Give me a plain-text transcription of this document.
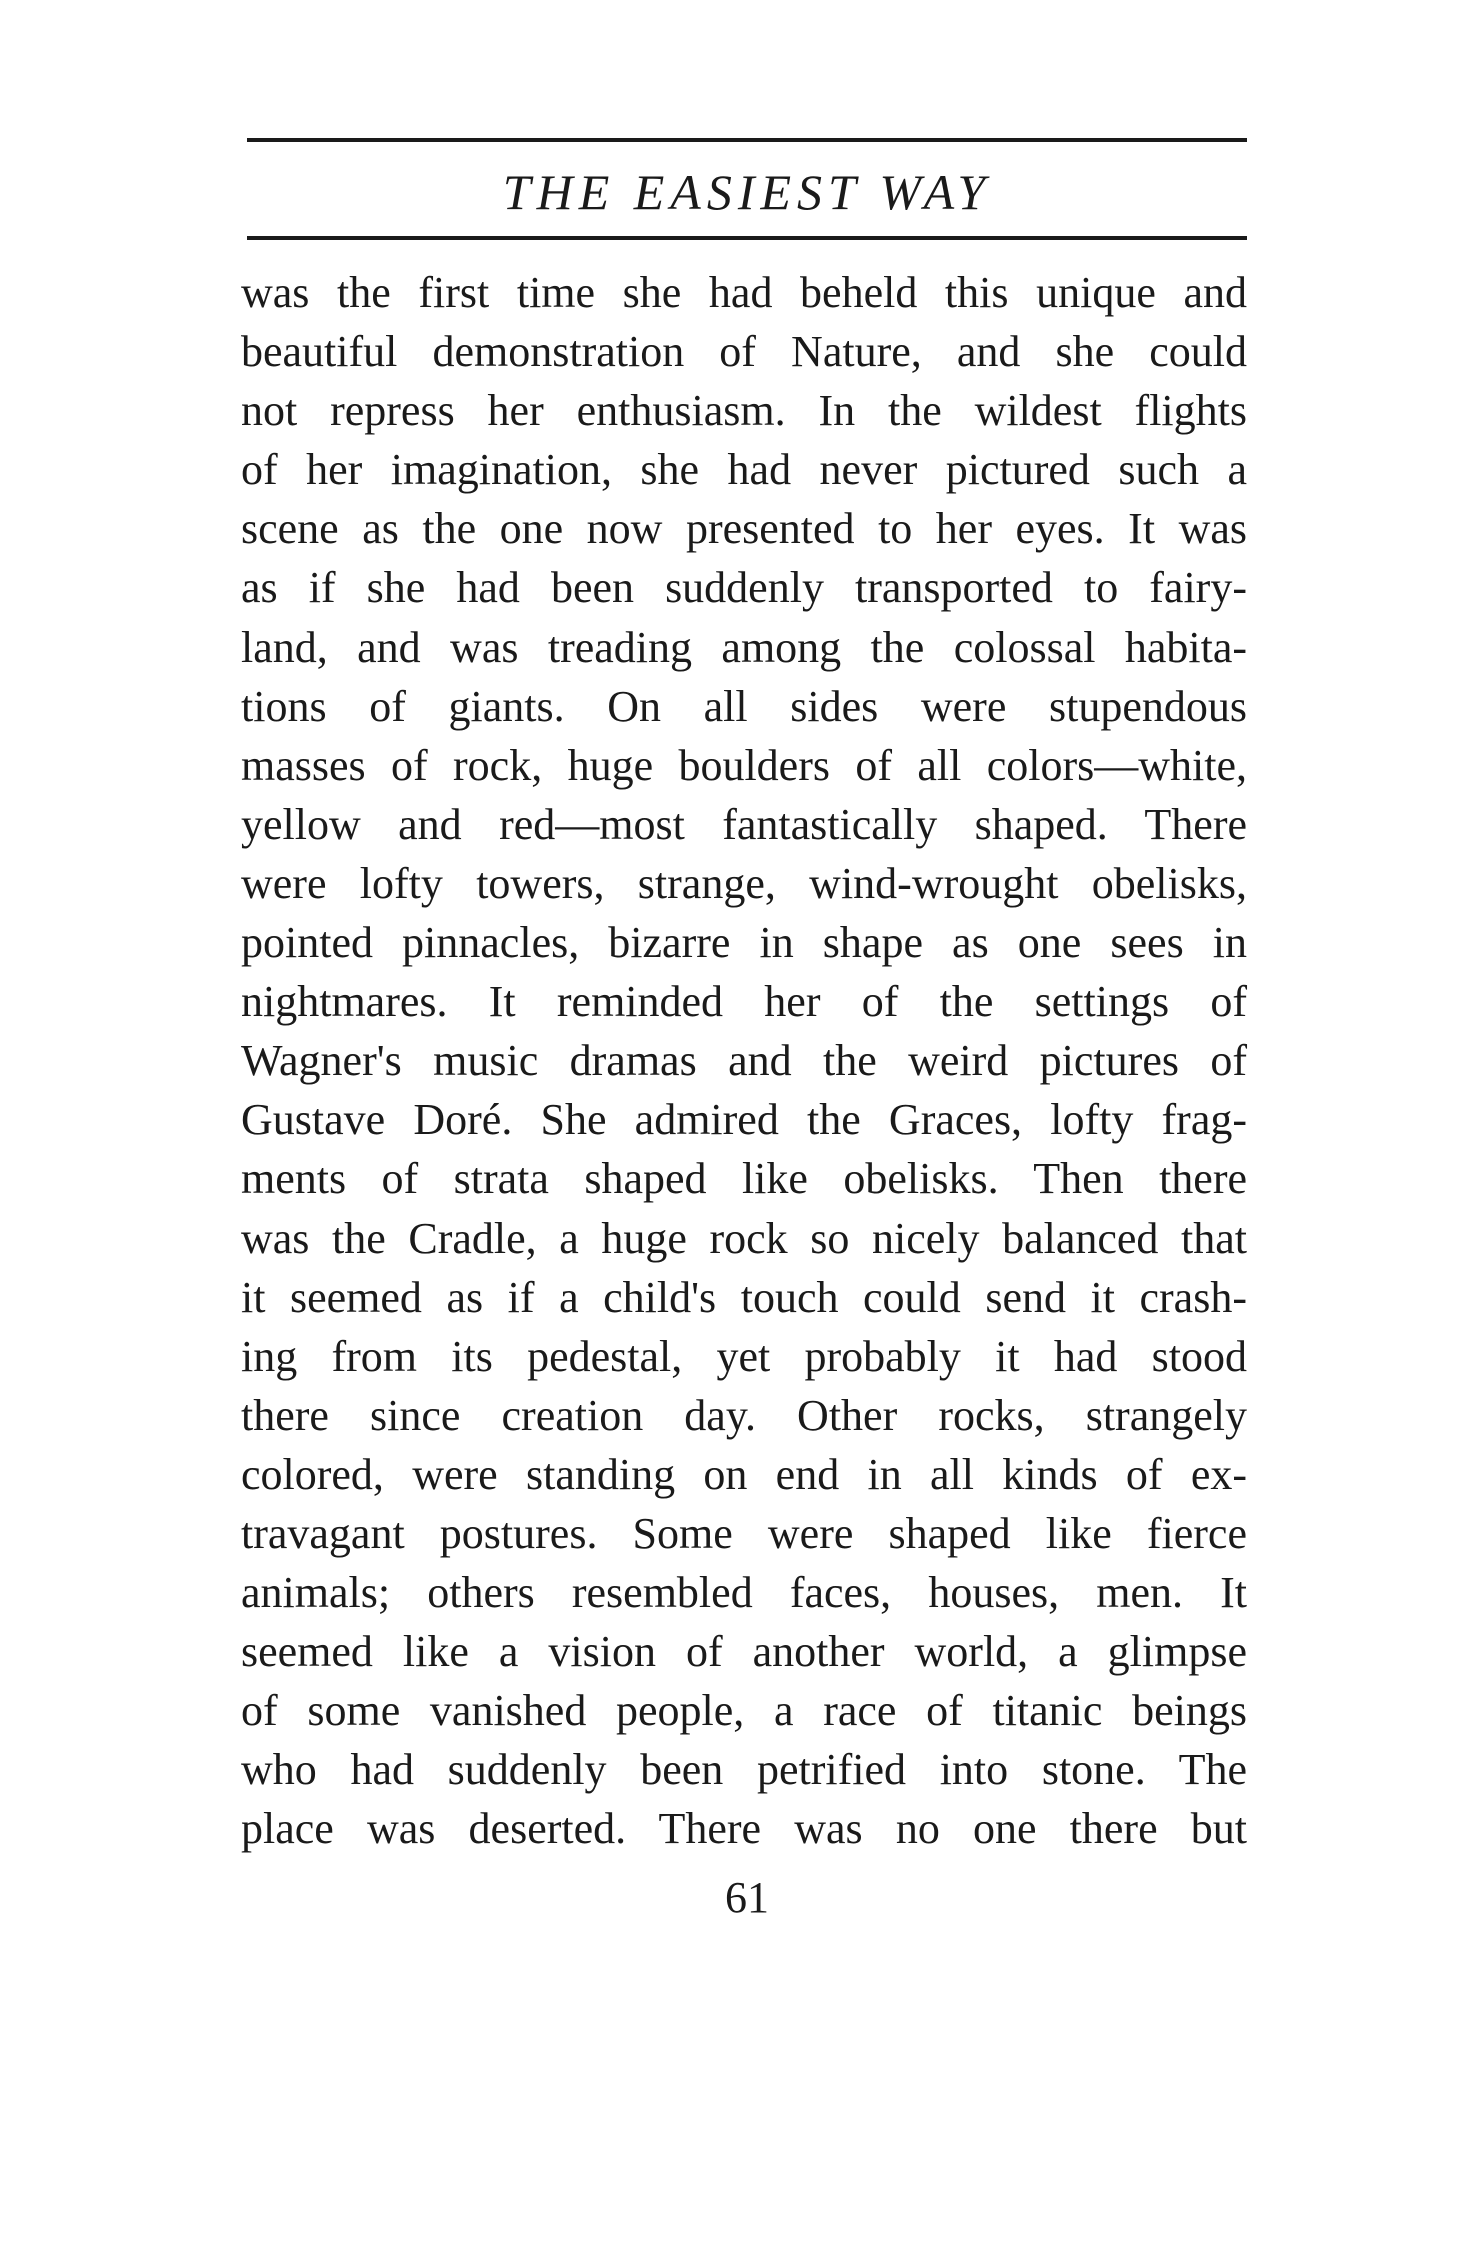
THE EASIEST WAY
was the first time she had beheld this unique and
beautiful demonstration of Nature, and she could
not repress her enthusiasm. In the wildest flights
of her imagination, she had never pictured such a
scene as the one now presented to her eyes. It was
as if she had been suddenly transported to fairy-
land, and was treading among the colossal habita-
tions of giants. On all sides were stupendous
masses of rock, huge boulders of all colors—white,
yellow and red—most fantastically shaped. There
were lofty towers, strange, wind-wrought obelisks,
pointed pinnacles, bizarre in shape as one sees in
nightmares. It reminded her of the settings of
Wagner's music dramas and the weird pictures of
Gustave Doré. She admired the Graces, lofty frag-
ments of strata shaped like obelisks. Then there
was the Cradle, a huge rock so nicely balanced that
it seemed as if a child's touch could send it crash-
ing from its pedestal, yet probably it had stood
there since creation day. Other rocks, strangely
colored, were standing on end in all kinds of ex-
travagant postures. Some were shaped like fierce
animals; others resembled faces, houses, men. It
seemed like a vision of another world, a glimpse
of some vanished people, a race of titanic beings
who had suddenly been petrified into stone. The
place was deserted. There was no one there but
61
